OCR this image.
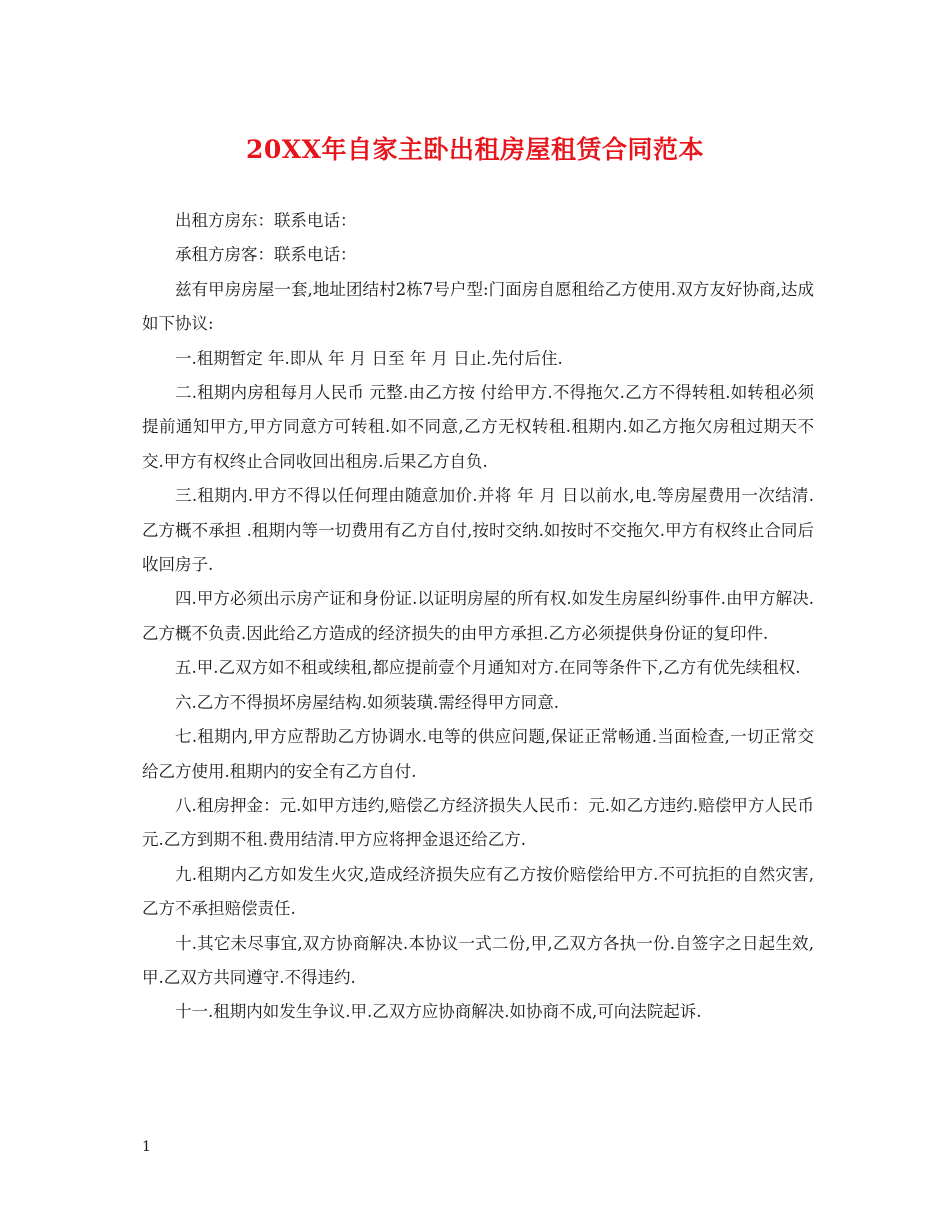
20XX年自家主卧出租房屋租赁合同范本

出租方房东：联系电话：

承租方房客：联系电话：

兹有甲房房屋一套,地址团结村2栋7号户型:门面房自愿租给乙方使用.双方友好协商,达成如下协议:

一.租期暂定 年.即从 年 月 日至 年 月 日止.先付后住.

二.租期内房租每月人民币 元整.由乙方按 付给甲方.不得拖欠.乙方不得转租.如转租必须提前通知甲方,甲方同意方可转租.如不同意,乙方无权转租.租期内.如乙方拖欠房租过期天不交.甲方有权终止合同收回出租房.后果乙方自负.

三.租期内.甲方不得以任何理由随意加价.并将 年 月 日以前水,电.等房屋费用一次结清.乙方概不承担 .租期内等一切费用有乙方自付,按时交纳.如按时不交拖欠.甲方有权终止合同后收回房子.

四.甲方必须出示房产证和身份证.以证明房屋的所有权.如发生房屋纠纷事件.由甲方解决.乙方概不负责.因此给乙方造成的经济损失的由甲方承担.乙方必须提供身份证的复印件.

五.甲.乙双方如不租或续租,都应提前壹个月通知对方.在同等条件下,乙方有优先续租权.

六.乙方不得损坏房屋结构.如须装璜.需经得甲方同意.

七.租期内,甲方应帮助乙方协调水.电等的供应问题,保证正常畅通.当面检查,一切正常交给乙方使用.租期内的安全有乙方自付.

八.租房押金：元.如甲方违约,赔偿乙方经济损失人民币：元.如乙方违约.赔偿甲方人民币 元.乙方到期不租.费用结清.甲方应将押金退还给乙方.

九.租期内乙方如发生火灾,造成经济损失应有乙方按价赔偿给甲方.不可抗拒的自然灾害,乙方不承担赔偿责任.

十.其它未尽事宜,双方协商解决.本协议一式二份,甲,乙双方各执一份.自签字之日起生效,甲.乙双方共同遵守.不得违约.

十一.租期内如发生争议.甲.乙双方应协商解决.如协商不成,可向法院起诉.

1
